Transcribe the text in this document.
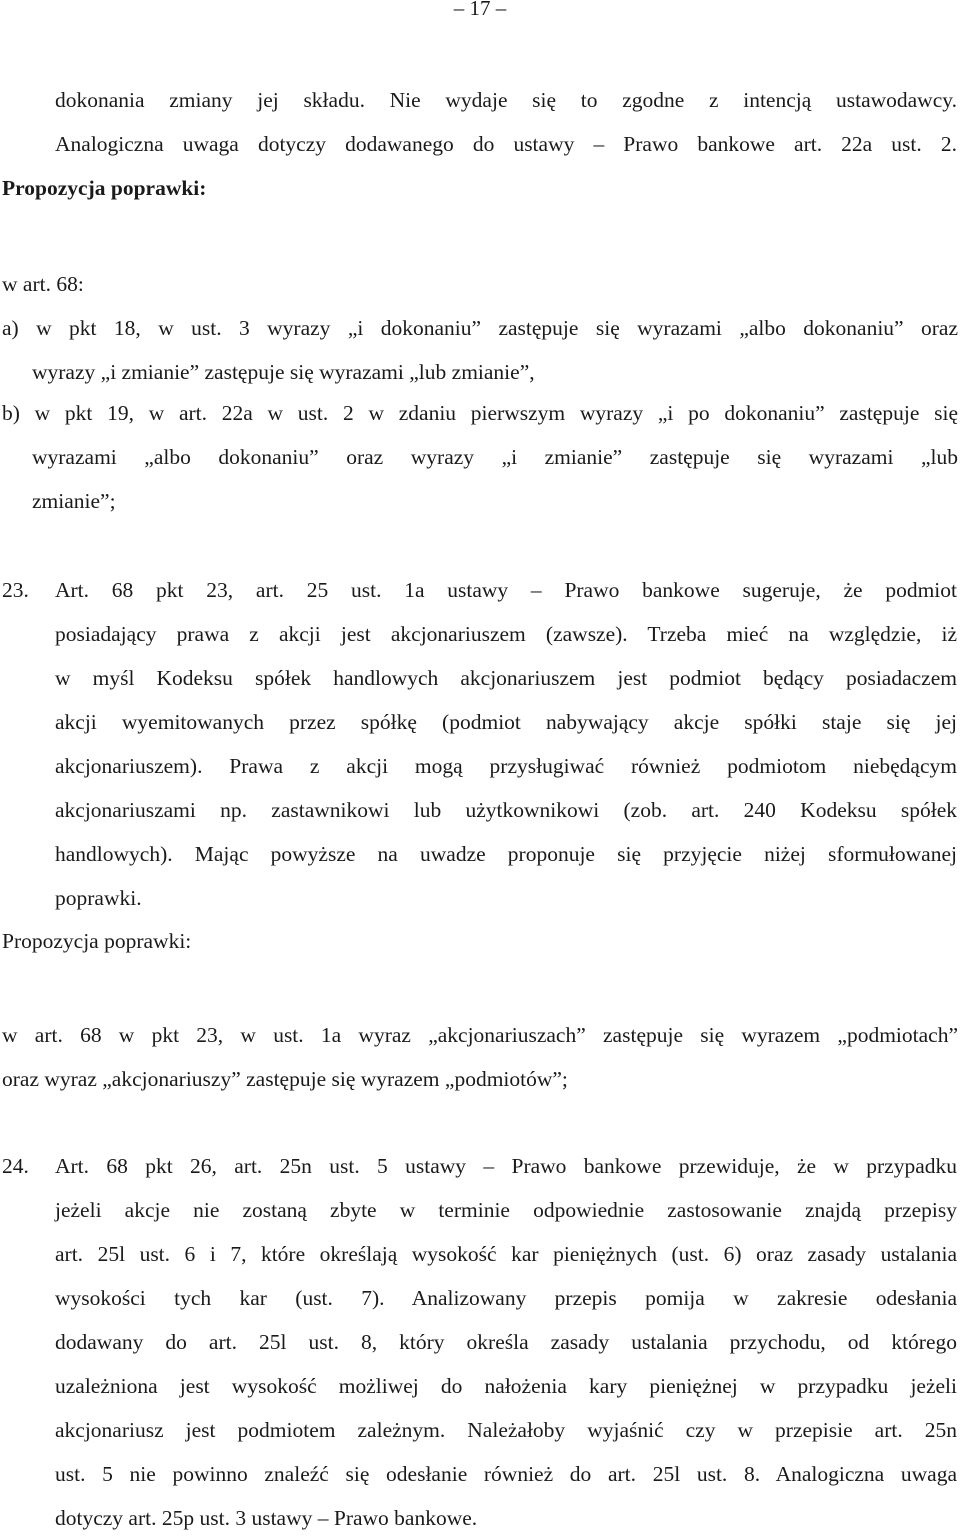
– 17 –
dokonania zmiany jej składu. Nie wydaje się to zgodne z intencją ustawodawcy.
Analogiczna uwaga dotyczy dodawanego do ustawy – Prawo bankowe art. 22a ust. 2.
Propozycja poprawki:
w art. 68:
a) w pkt 18, w ust. 3 wyrazy „i dokonaniu” zastępuje się wyrazami „albo dokonaniu” oraz
wyrazy „i zmianie” zastępuje się wyrazami „lub zmianie”,
b) w pkt 19, w art. 22a w ust. 2 w zdaniu pierwszym wyrazy „i po dokonaniu” zastępuje się
wyrazami „albo dokonaniu” oraz wyrazy „i zmianie” zastępuje się wyrazami „lub
zmianie”;
23. Art. 68 pkt 23, art. 25 ust. 1a ustawy – Prawo bankowe sugeruje, że podmiot
posiadający prawa z akcji jest akcjonariuszem (zawsze). Trzeba mieć na względzie, iż
w myśl Kodeksu spółek handlowych akcjonariuszem jest podmiot będący posiadaczem
akcji wyemitowanych przez spółkę (podmiot nabywający akcje spółki staje się jej
akcjonariuszem). Prawa z akcji mogą przysługiwać również podmiotom niebędącym
akcjonariuszami np. zastawnikowi lub użytkownikowi (zob. art. 240 Kodeksu spółek
handlowych). Mając powyższe na uwadze proponuje się przyjęcie niżej sformułowanej
poprawki.
Propozycja poprawki:
w art. 68 w pkt 23, w ust. 1a wyraz „akcjonariuszach” zastępuje się wyrazem „podmiotach”
oraz wyraz „akcjonariuszy” zastępuje się wyrazem „podmiotów”;
24. Art. 68 pkt 26, art. 25n ust. 5 ustawy – Prawo bankowe przewiduje, że w przypadku
jeżeli akcje nie zostaną zbyte w terminie odpowiednie zastosowanie znajdą przepisy
art. 25l ust. 6 i 7, które określają wysokość kar pieniężnych (ust. 6) oraz zasady ustalania
wysokości tych kar (ust. 7). Analizowany przepis pomija w zakresie odesłania
dodawany do art. 25l ust. 8, który określa zasady ustalania przychodu, od którego
uzależniona jest wysokość możliwej do nałożenia kary pieniężnej w przypadku jeżeli
akcjonariusz jest podmiotem zależnym. Należałoby wyjaśnić czy w przepisie art. 25n
ust. 5 nie powinno znaleźć się odesłanie również do art. 25l ust. 8. Analogiczna uwaga
dotyczy art. 25p ust. 3 ustawy – Prawo bankowe.
